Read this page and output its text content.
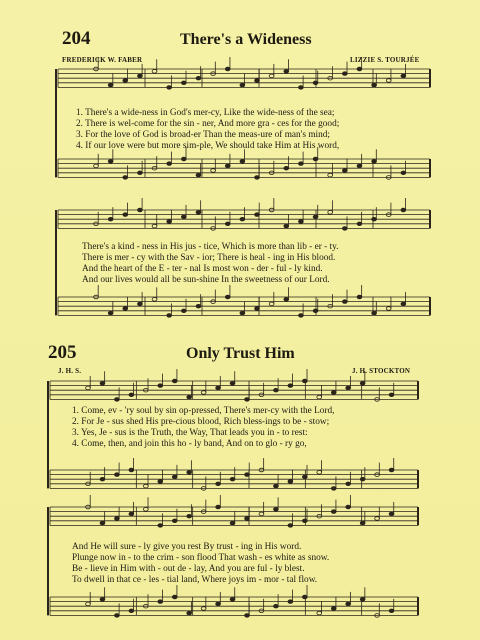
204	There's a Wideness
FREDERICK W. FABER	LIZZIE S. TOURJÉE
1. There's a wide-ness in God's mer-cy, Like the wide-ness of the sea;
2. There is wel-come for the sin - ner, And more gra - ces for the good;
3. For the love of God is broad-er Than the meas-ure of man's mind;
4. If our love were but more sim-ple, We should take Him at His word,
There's a kind - ness in His jus - tice, Which is more than lib - er - ty.
There is mer - cy with the Sav - ior; There is heal - ing in His blood.
And the heart of the E - ter - nal Is most won - der - ful - ly kind.
And our lives would all be sun-shine In the sweetness of our Lord.
205	Only Trust Him
J. H. S.	J. H. STOCKTON
1. Come, ev - 'ry soul by sin op-pressed, There's mer-cy with the Lord,
2. For Je - sus shed His pre-cious blood, Rich bless-ings to be - stow;
3. Yes, Je - sus is the Truth, the Way, That leads you in - to rest:
4. Come, then, and join this ho - ly band, And on to glo - ry go,
And He will sure - ly give you rest By trust - ing in His word.
Plunge now in - to the crim - son flood That wash - es white as snow.
Be - lieve in Him with - out de - lay, And you are ful - ly blest.
To dwell in that ce - les - tial land, Where joys im - mor - tal flow.
